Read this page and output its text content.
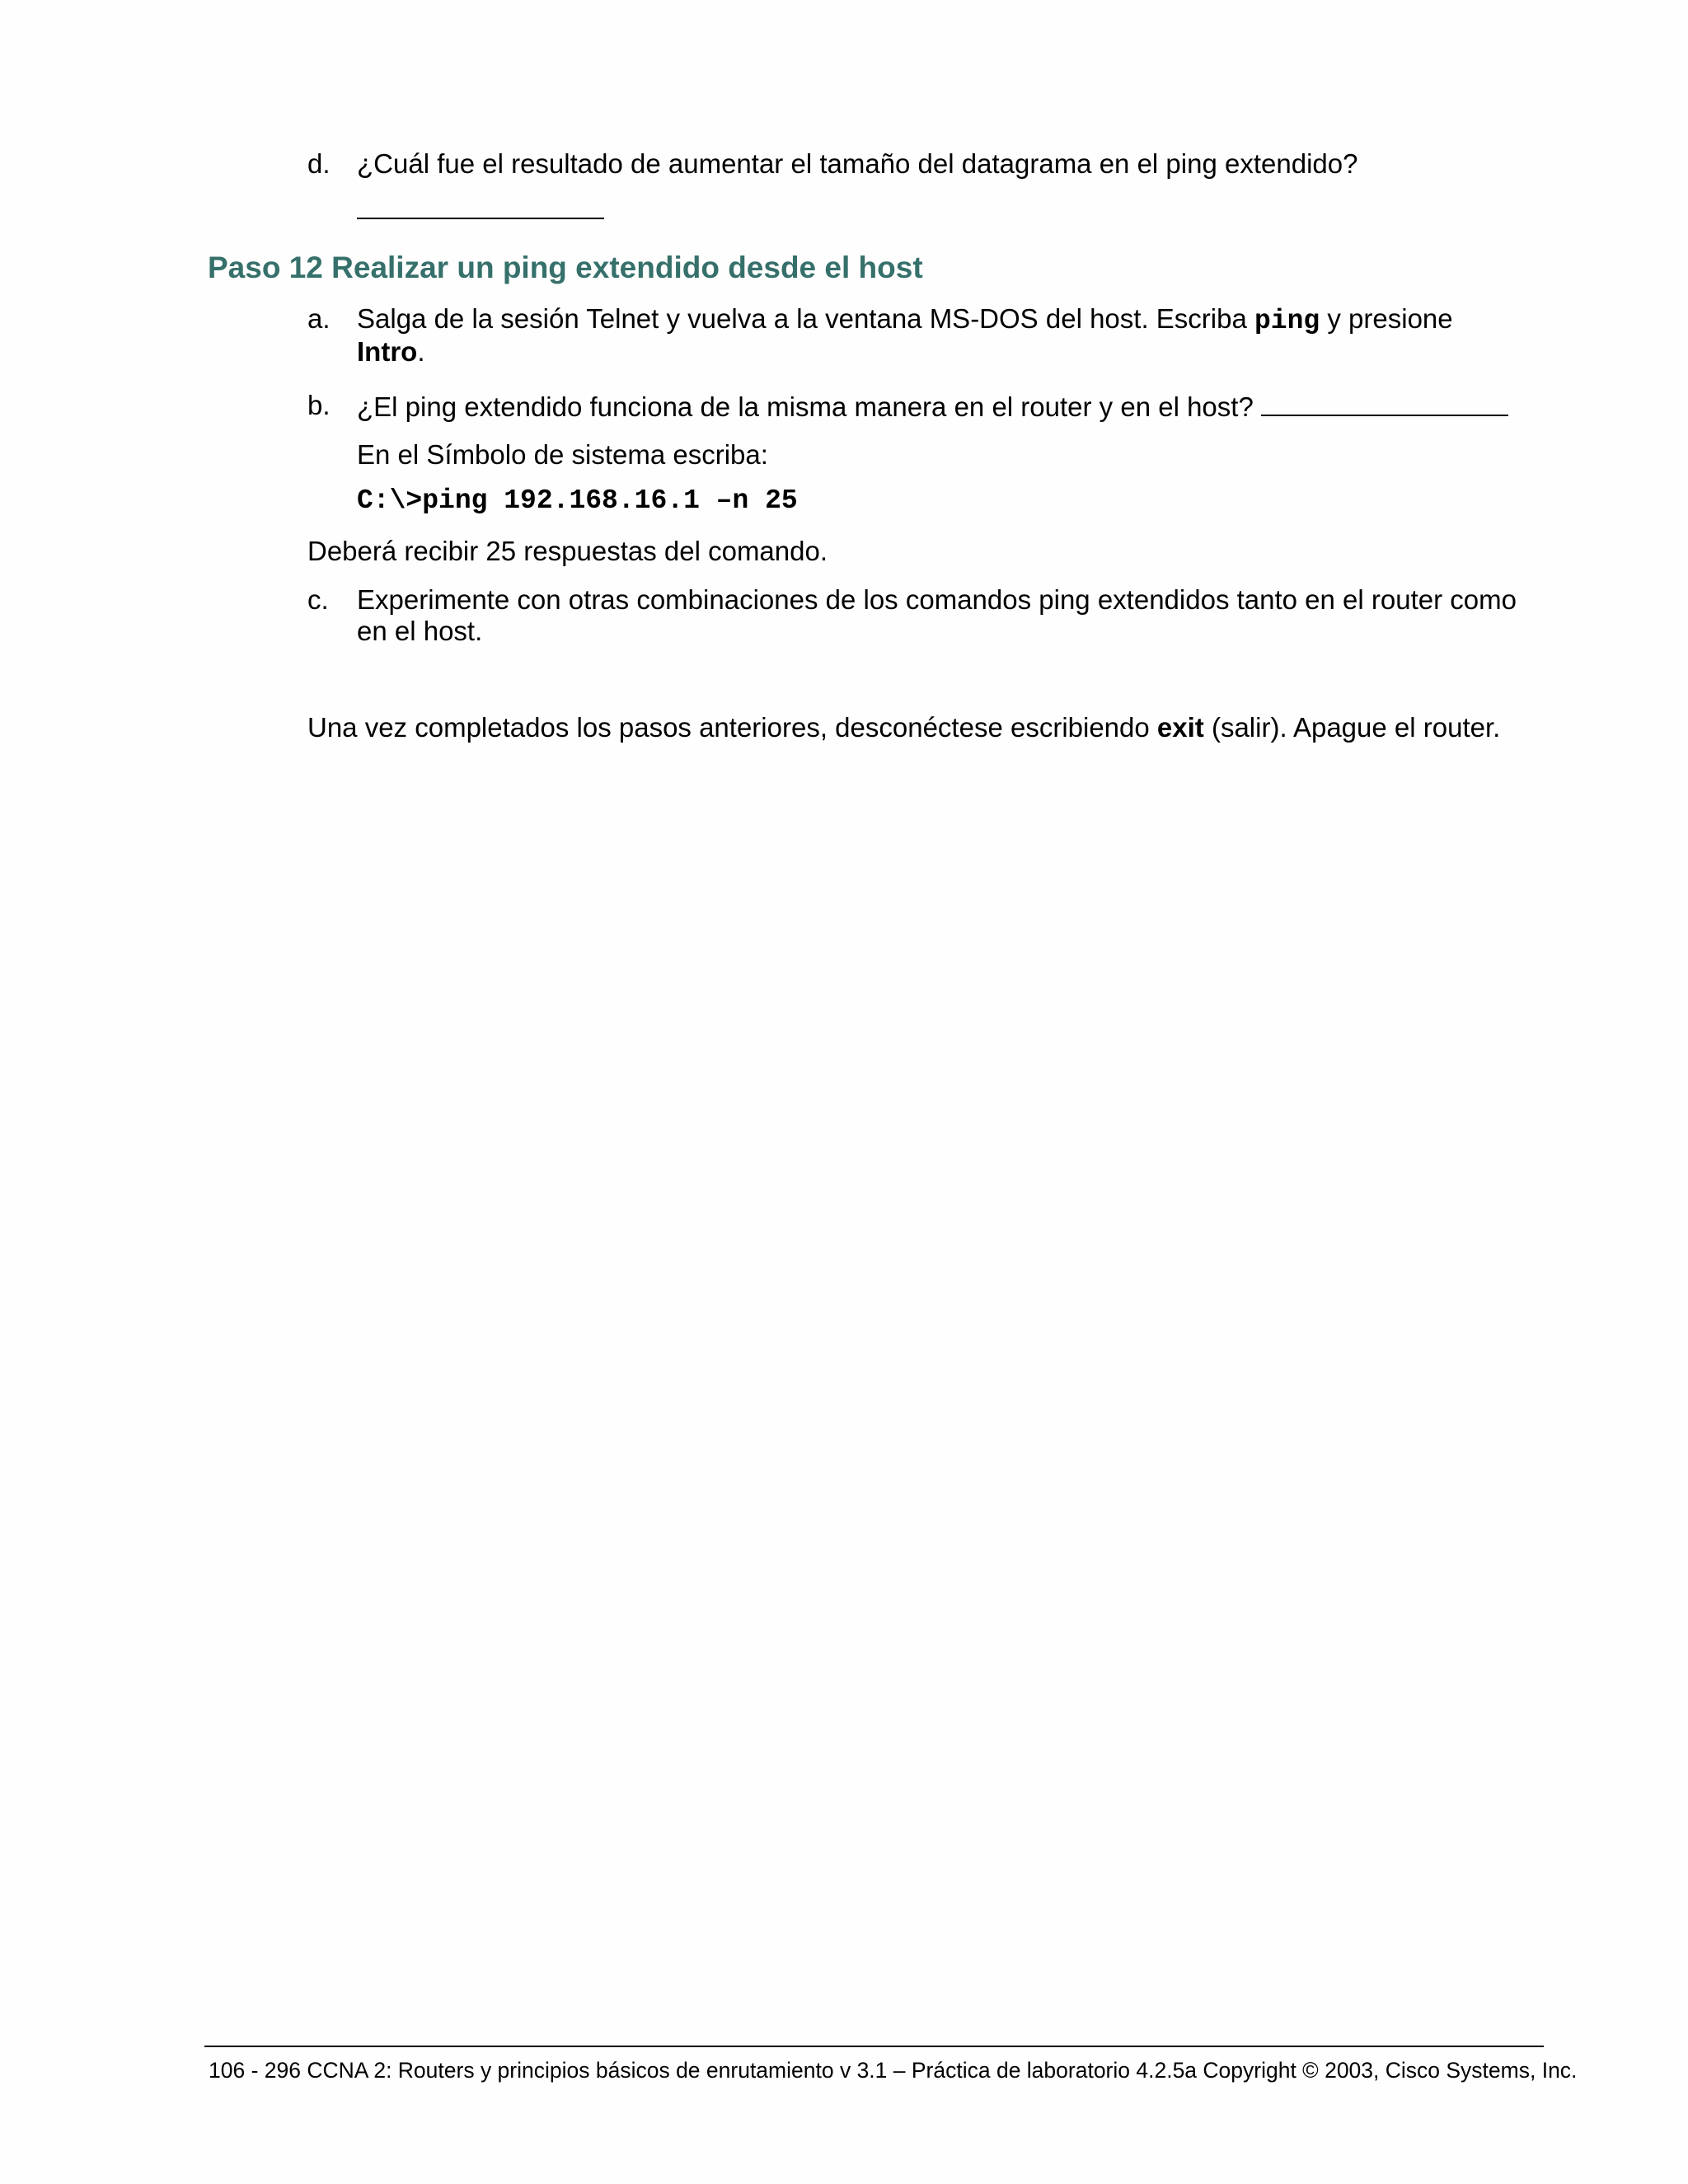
d. ¿Cuál fue el resultado de aumentar el tamaño del datagrama en el ping extendido?
Paso 12 Realizar un ping extendido desde el host
a. Salga de la sesión Telnet y vuelva a la ventana MS-DOS del host. Escriba ping y presione
Intro.
b. ¿El ping extendido funciona de la misma manera en el router y en el host?
En el Símbolo de sistema escriba:
C:\>ping 192.168.16.1 –n 25
Deberá recibir 25 respuestas del comando.
c. Experimente con otras combinaciones de los comandos ping extendidos tanto en el router como
en el host.
Una vez completados los pasos anteriores, desconéctese escribiendo exit (salir). Apague el router.
106 - 296 CCNA 2: Routers y principios básicos de enrutamiento v 3.1 – Práctica de laboratorio 4.2.5a Copyright © 2003, Cisco Systems, Inc.
